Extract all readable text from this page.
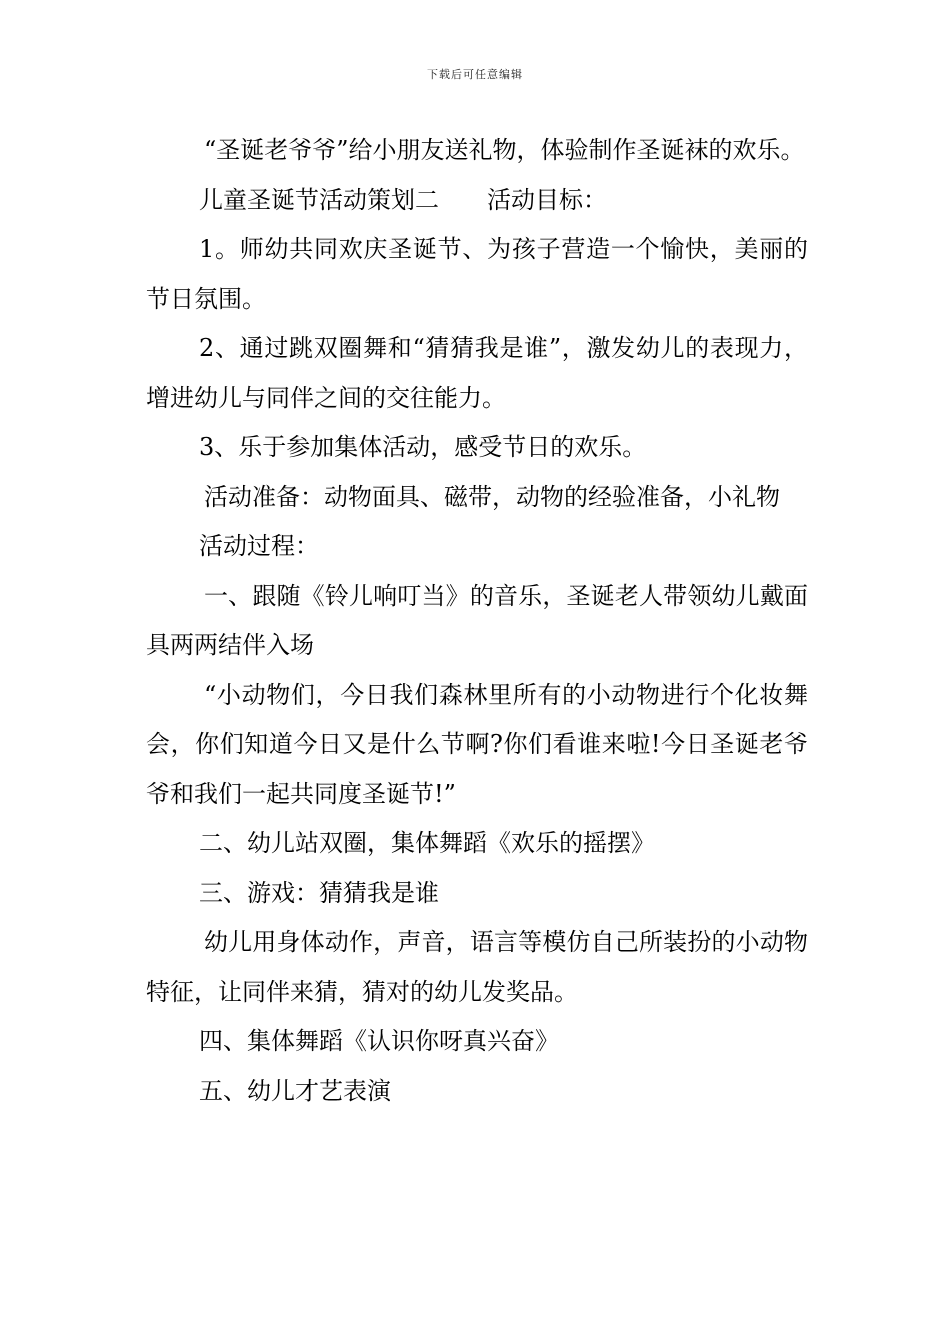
下载后可任意编辑

“圣诞老爷爷”给小朋友送礼物，体验制作圣诞袜的欢乐。

儿童圣诞节活动策划二　　活动目标：

1。师幼共同欢庆圣诞节、为孩子营造一个愉快，美丽的节日氛围。

2、通过跳双圈舞和“猜猜我是谁”，激发幼儿的表现力，增进幼儿与同伴之间的交往能力。

3、乐于参加集体活动，感受节日的欢乐。

活动准备：动物面具、磁带，动物的经验准备，小礼物

活动过程：

一、跟随《铃儿响叮当》的音乐，圣诞老人带领幼儿戴面具两两结伴入场

“小动物们，今日我们森林里所有的小动物进行个化妆舞会，你们知道今日又是什么节啊?你们看谁来啦!今日圣诞老爷爷和我们一起共同度圣诞节!”

二、幼儿站双圈，集体舞蹈《欢乐的摇摆》

三、游戏：猜猜我是谁

幼儿用身体动作，声音，语言等模仿自己所装扮的小动物特征，让同伴来猜，猜对的幼儿发奖品。

四、集体舞蹈《认识你呀真兴奋》

五、幼儿才艺表演
